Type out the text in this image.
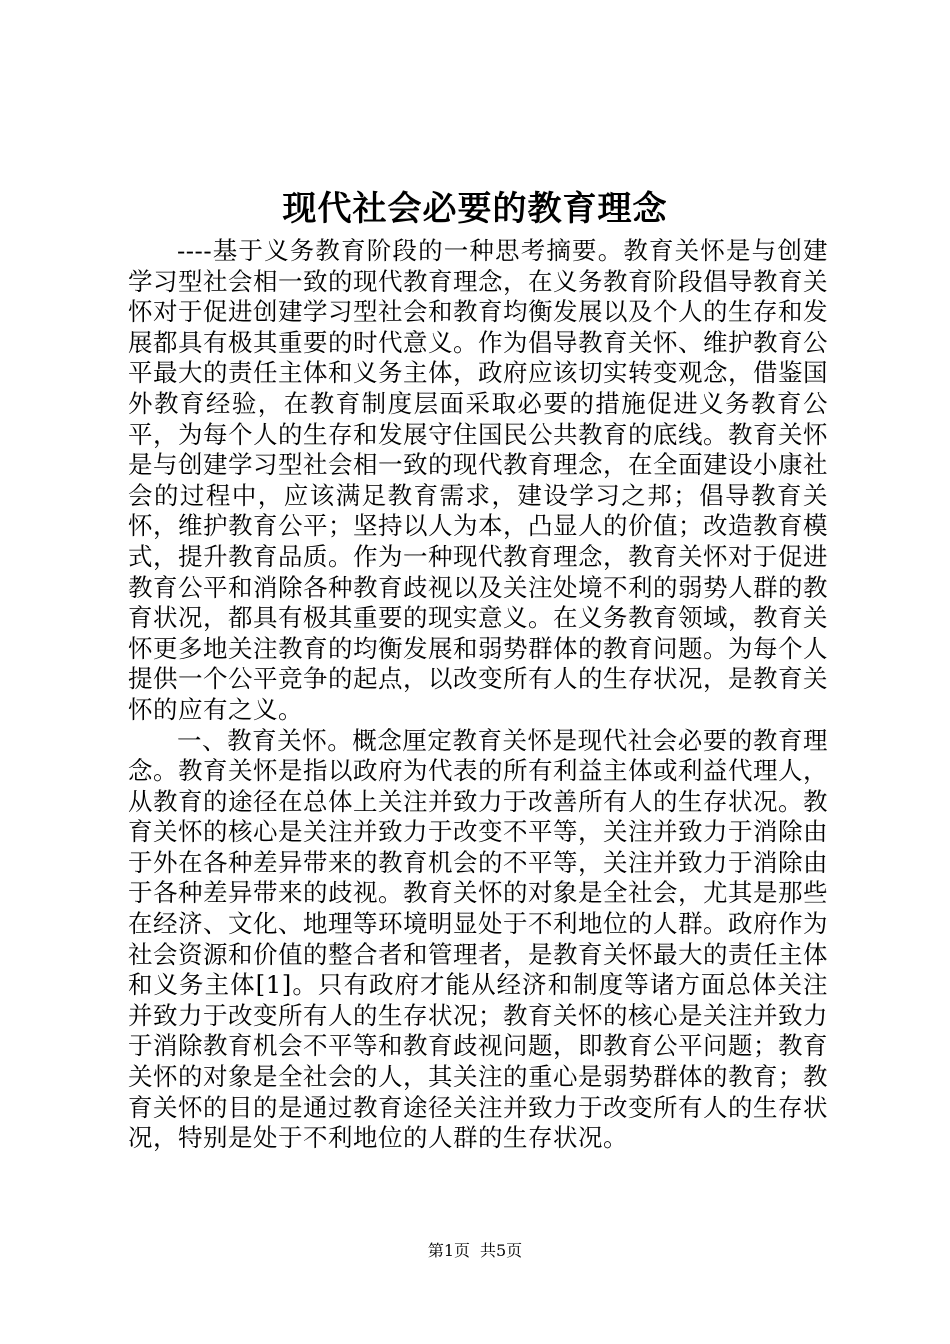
现代社会必要的教育理念

----基于义务教育阶段的一种思考摘要。教育关怀是与创建学习型社会相一致的现代教育理念，在义务教育阶段倡导教育关怀对于促进创建学习型社会和教育均衡发展以及个人的生存和发展都具有极其重要的时代意义。作为倡导教育关怀、维护教育公平最大的责任主体和义务主体，政府应该切实转变观念，借鉴国外教育经验，在教育制度层面采取必要的措施促进义务教育公平，为每个人的生存和发展守住国民公共教育的底线。教育关怀是与创建学习型社会相一致的现代教育理念，在全面建设小康社会的过程中，应该满足教育需求，建设学习之邦；倡导教育关怀，维护教育公平；坚持以人为本，凸显人的价值；改造教育模式，提升教育品质。作为一种现代教育理念，教育关怀对于促进教育公平和消除各种教育歧视以及关注处境不利的弱势人群的教育状况，都具有极其重要的现实意义。在义务教育领域，教育关怀更多地关注教育的均衡发展和弱势群体的教育问题。为每个人提供一个公平竞争的起点，以改变所有人的生存状况，是教育关怀的应有之义。

一、教育关怀。概念厘定教育关怀是现代社会必要的教育理念。教育关怀是指以政府为代表的所有利益主体或利益代理人，从教育的途径在总体上关注并致力于改善所有人的生存状况。教育关怀的核心是关注并致力于改变不平等，关注并致力于消除由于外在各种差异带来的教育机会的不平等，关注并致力于消除由于各种差异带来的歧视。教育关怀的对象是全社会，尤其是那些在经济、文化、地理等环境明显处于不利地位的人群。政府作为社会资源和价值的整合者和管理者，是教育关怀最大的责任主体和义务主体[1]。只有政府才能从经济和制度等诸方面总体关注并致力于改变所有人的生存状况；教育关怀的核心是关注并致力于消除教育机会不平等和教育歧视问题，即教育公平问题；教育关怀的对象是全社会的人，其关注的重心是弱势群体的教育；教育关怀的目的是通过教育途径关注并致力于改变所有人的生存状况，特别是处于不利地位的人群的生存状况。

第1页 共5页
